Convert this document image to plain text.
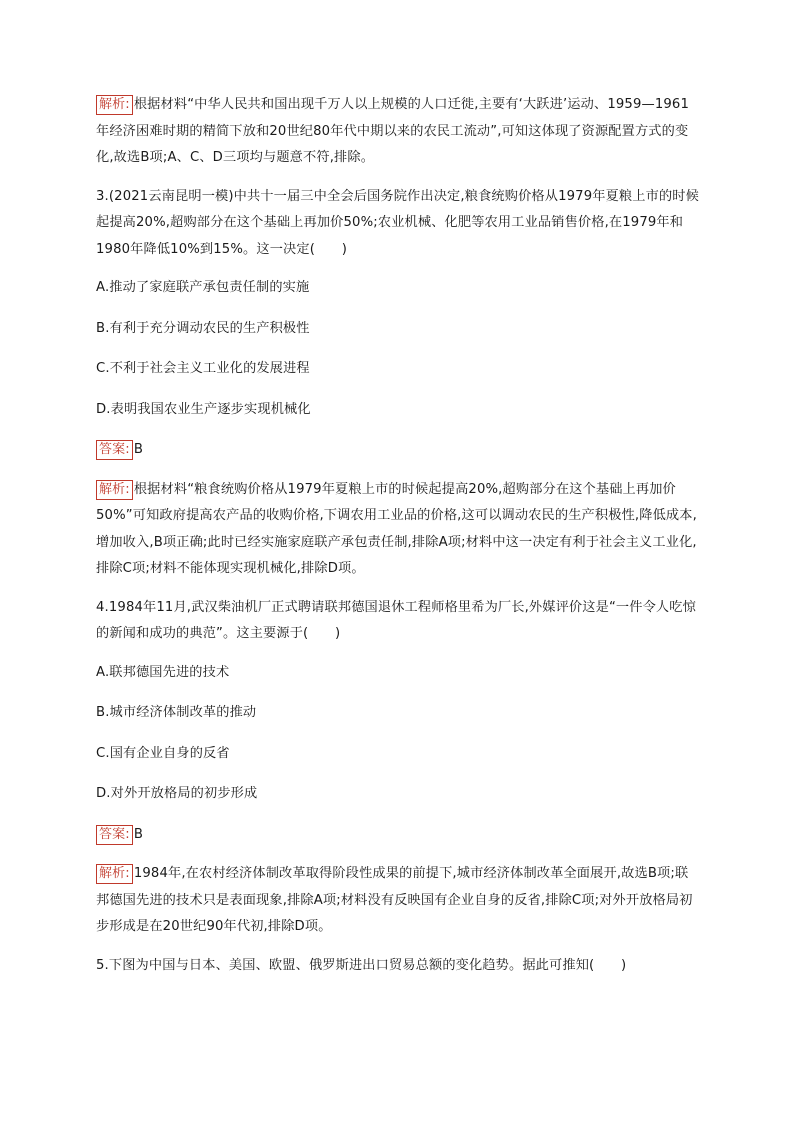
解析: 根据材料“中华人民共和国出现千万人以上规模的人口迁徙,主要有‘大跃进’运动、1959—1961年经济困难时期的精简下放和20世纪80年代中期以来的农民工流动”,可知这体现了资源配置方式的变化,故选B项;A、C、D三项均与题意不符,排除。

3.(2021云南昆明一模)中共十一届三中全会后国务院作出决定,粮食统购价格从1979年夏粮上市的时候起提高20%,超购部分在这个基础上再加价50%;农业机械、化肥等农用工业品销售价格,在1979年和1980年降低10%到15%。这一决定(　　)

A.推动了家庭联产承包责任制的实施

B.有利于充分调动农民的生产积极性

C.不利于社会主义工业化的发展进程

D.表明我国农业生产逐步实现机械化

答案: B

解析: 根据材料“粮食统购价格从1979年夏粮上市的时候起提高20%,超购部分在这个基础上再加价50%”可知政府提高农产品的收购价格,下调农用工业品的价格,这可以调动农民的生产积极性,降低成本,增加收入,B项正确;此时已经实施家庭联产承包责任制,排除A项;材料中这一决定有利于社会主义工业化,排除C项;材料不能体现实现机械化,排除D项。

4.1984年11月,武汉柴油机厂正式聘请联邦德国退休工程师格里希为厂长,外媒评价这是“一件令人吃惊的新闻和成功的典范”。这主要源于(　　)

A.联邦德国先进的技术

B.城市经济体制改革的推动

C.国有企业自身的反省

D.对外开放格局的初步形成

答案: B

解析: 1984年,在农村经济体制改革取得阶段性成果的前提下,城市经济体制改革全面展开,故选B项;联邦德国先进的技术只是表面现象,排除A项;材料没有反映国有企业自身的反省,排除C项;对外开放格局初步形成是在20世纪90年代初,排除D项。

5.下图为中国与日本、美国、欧盟、俄罗斯进出口贸易总额的变化趋势。据此可推知(　　)
